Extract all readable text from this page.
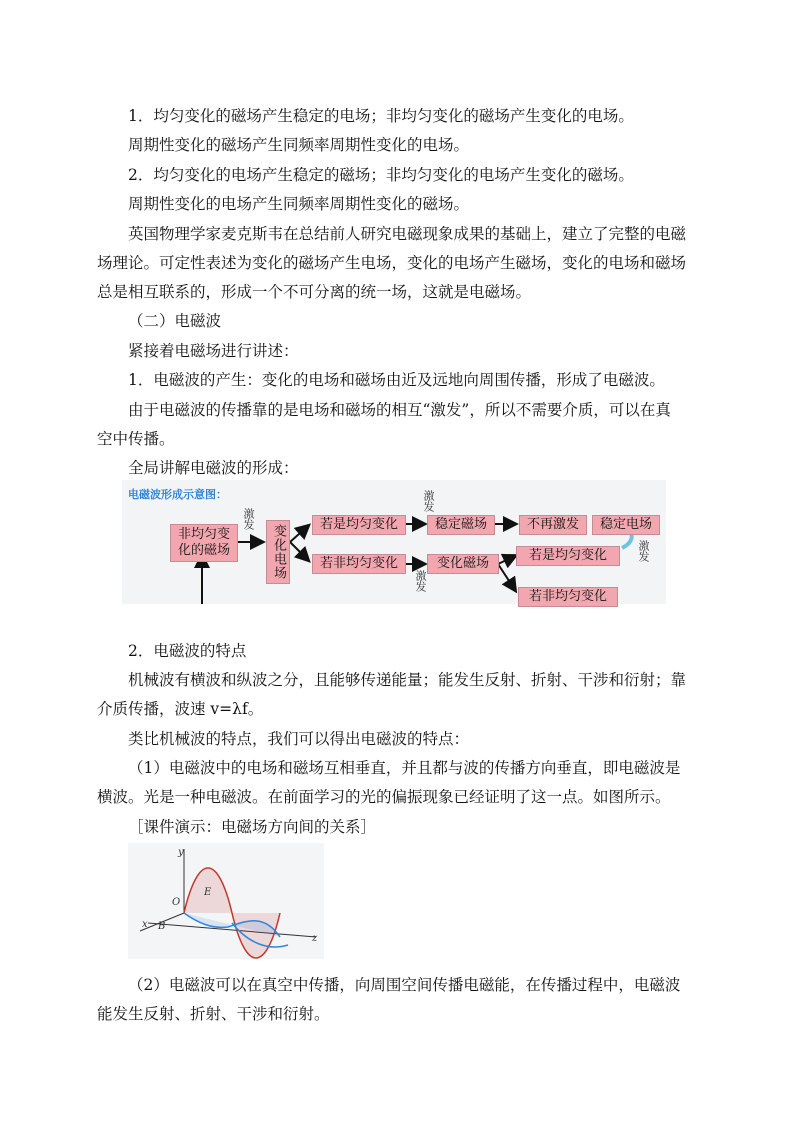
1．均匀变化的磁场产生稳定的电场；非均匀变化的磁场产生变化的电场。
周期性变化的磁场产生同频率周期性变化的电场。
2．均匀变化的电场产生稳定的磁场；非均匀变化的电场产生变化的磁场。
周期性变化的电场产生同频率周期性变化的磁场。
英国物理学家麦克斯韦在总结前人研究电磁现象成果的基础上，建立了完整的电磁
场理论。可定性表述为变化的磁场产生电场，变化的电场产生磁场，变化的电场和磁场
总是相互联系的，形成一个不可分离的统一场，这就是电磁场。
（二）电磁波
紧接着电磁场进行讲述：
1．电磁波的产生：变化的电场和磁场由近及远地向周围传播，形成了电磁波。
由于电磁波的传播靠的是电场和磁场的相互“激发”，所以不需要介质，可以在真
空中传播。
全局讲解电磁波的形成：
电磁波形成示意图：
非均匀变
化的磁场
激发
变化电场	若是均匀变化	稳定磁场
激发
不再激发	稳定电场
若非均匀变化	变化磁场
激发
若是均匀变化	激发
若非均匀变化
2．电磁波的特点
机械波有横波和纵波之分，且能够传递能量；能发生反射、折射、干涉和衍射；靠
介质传播，波速 v=λf。
类比机械波的特点，我们可以得出电磁波的特点：
（1）电磁波中的电场和磁场互相垂直，并且都与波的传播方向垂直，即电磁波是
横波。光是一种电磁波。在前面学习的光的偏振现象已经证明了这一点。如图所示。
［课件演示：电磁场方向间的关系］
y
O
E
B
x
z
（2）电磁波可以在真空中传播，向周围空间传播电磁能，在传播过程中，电磁波
能发生反射、折射、干涉和衍射。
